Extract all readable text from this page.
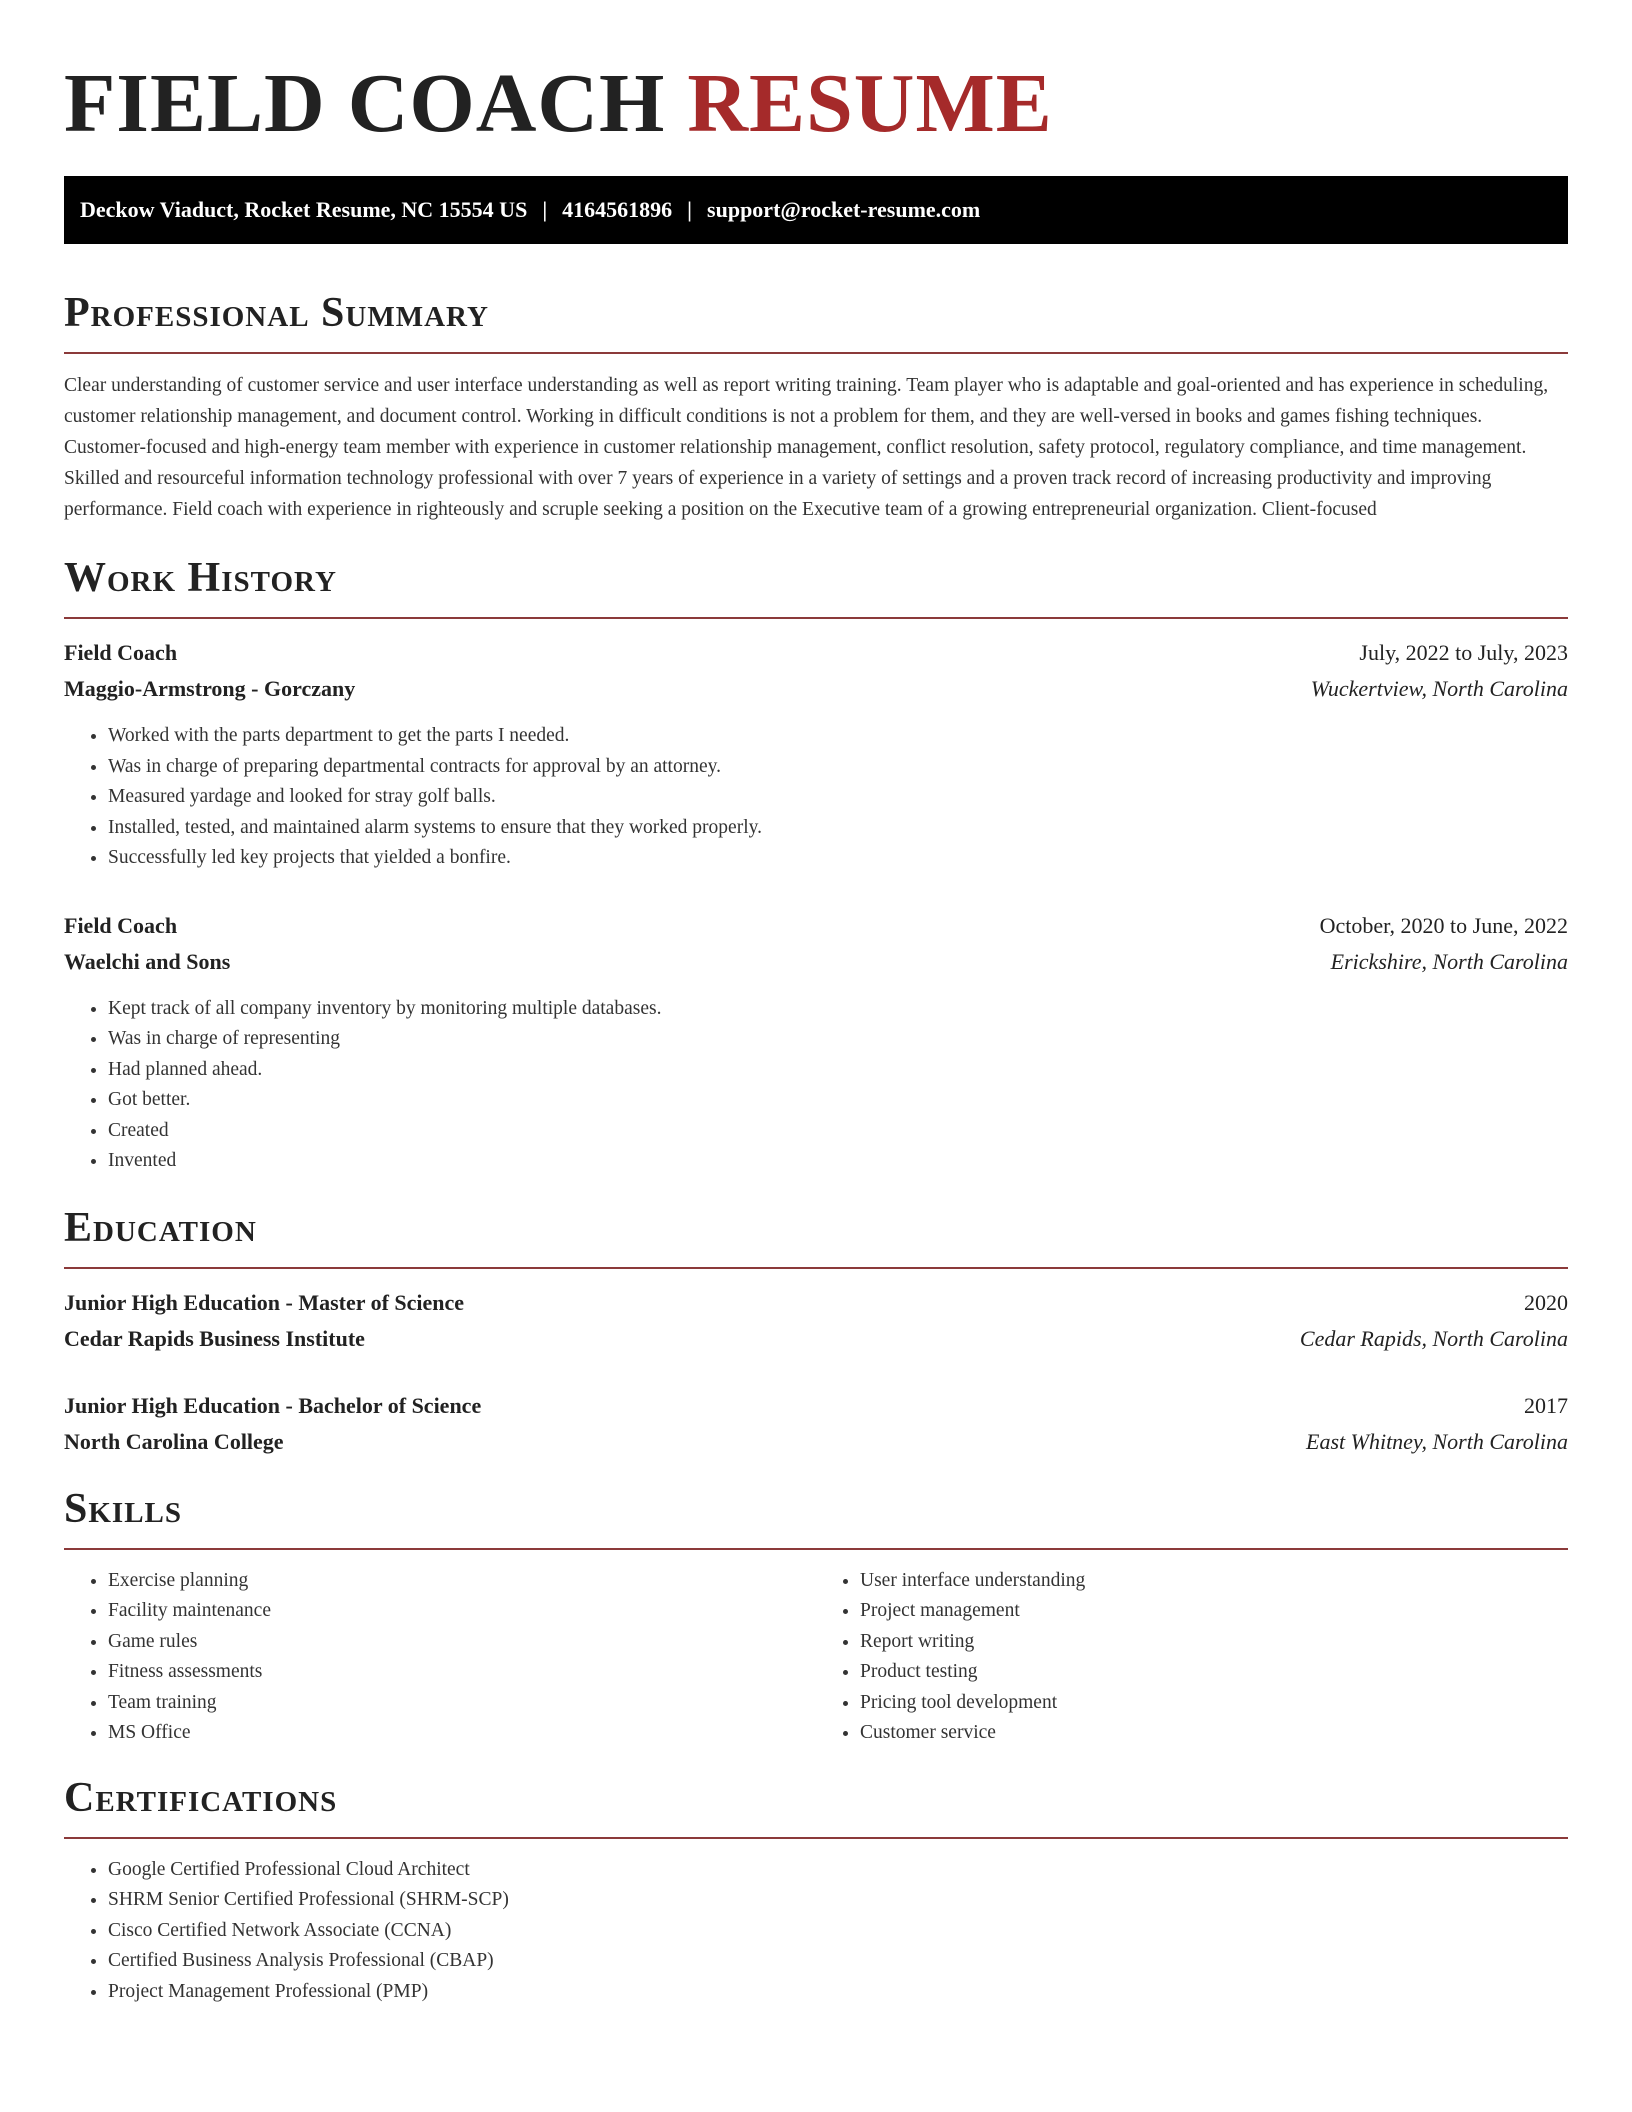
FIELD COACH RESUME
Deckow Viaduct, Rocket Resume, NC 15554 US | 4164561896 | support@rocket-resume.com
Professional Summary

Clear understanding of customer service and user interface understanding as well as report writing training. Team player who is adaptable and goal-oriented and has experience in scheduling, customer relationship management, and document control. Working in difficult conditions is not a problem for them, and they are well-versed in books and games fishing techniques. Customer-focused and high-energy team member with experience in customer relationship management, conflict resolution, safety protocol, regulatory compliance, and time management. Skilled and resourceful information technology professional with over 7 years of experience in a variety of settings and a proven track record of increasing productivity and improving performance. Field coach with experience in righteously and scruple seeking a position on the Executive team of a growing entrepreneurial organization. Client-focused

Work History
Field Coach	July, 2022 to July, 2023
Maggio-Armstrong - Gorczany	Wuckertview, North Carolina
• Worked with the parts department to get the parts I needed.
• Was in charge of preparing departmental contracts for approval by an attorney.
• Measured yardage and looked for stray golf balls.
• Installed, tested, and maintained alarm systems to ensure that they worked properly.
• Successfully led key projects that yielded a bonfire.
Field Coach	October, 2020 to June, 2022
Waelchi and Sons	Erickshire, North Carolina
• Kept track of all company inventory by monitoring multiple databases.
• Was in charge of representing
• Had planned ahead.
• Got better.
• Created
• Invented
Education
Junior High Education - Master of Science	2020
Cedar Rapids Business Institute	Cedar Rapids, North Carolina
Junior High Education - Bachelor of Science	2017
North Carolina College	East Whitney, North Carolina
Skills
• Exercise planning
• Facility maintenance
• Game rules
• Fitness assessments
• Team training
• MS Office
• User interface understanding
• Project management
• Report writing
• Product testing
• Pricing tool development
• Customer service
Certifications
• Google Certified Professional Cloud Architect
• SHRM Senior Certified Professional (SHRM-SCP)
• Cisco Certified Network Associate (CCNA)
• Certified Business Analysis Professional (CBAP)
• Project Management Professional (PMP)
